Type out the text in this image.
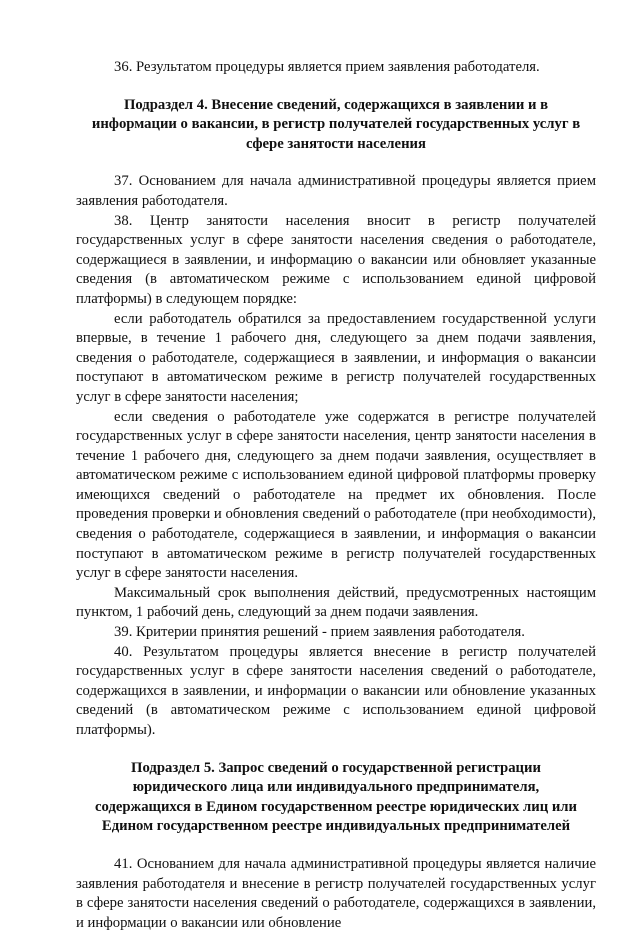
36. Результатом процедуры является прием заявления работодателя.

Подраздел 4. Внесение сведений, содержащихся в заявлении и в информации о вакансии, в регистр получателей государственных услуг в сфере занятости населения

37. Основанием для начала административной процедуры является прием заявления работодателя.

38. Центр занятости населения вносит в регистр получателей государственных услуг в сфере занятости населения сведения о работодателе, содержащиеся в заявлении, и информацию о вакансии или обновляет указанные сведения (в автоматическом режиме с использованием единой цифровой платформы) в следующем порядке:

если работодатель обратился за предоставлением государственной услуги впервые, в течение 1 рабочего дня, следующего за днем подачи заявления, сведения о работодателе, содержащиеся в заявлении, и информация о вакансии поступают в автоматическом режиме в регистр получателей государственных услуг в сфере занятости населения;

если сведения о работодателе уже содержатся в регистре получателей государственных услуг в сфере занятости населения, центр занятости населения в течение 1 рабочего дня, следующего за днем подачи заявления, осуществляет в автоматическом режиме с использованием единой цифровой платформы проверку имеющихся сведений о работодателе на предмет их обновления. После проведения проверки и обновления сведений о работодателе (при необходимости), сведения о работодателе, содержащиеся в заявлении, и информация о вакансии поступают в автоматическом режиме в регистр получателей государственных услуг в сфере занятости населения.

Максимальный срок выполнения действий, предусмотренных настоящим пунктом, 1 рабочий день, следующий за днем подачи заявления.

39. Критерии принятия решений - прием заявления работодателя.

40. Результатом процедуры является внесение в регистр получателей государственных услуг в сфере занятости населения сведений о работодателе, содержащихся в заявлении, и информации о вакансии или обновление указанных сведений (в автоматическом режиме с использованием единой цифровой платформы).

Подраздел 5. Запрос сведений о государственной регистрации юридического лица или индивидуального предпринимателя, содержащихся в Едином государственном реестре юридических лиц или Едином государственном реестре индивидуальных предпринимателей

41. Основанием для начала административной процедуры является наличие заявления работодателя и внесение в регистр получателей государственных услуг в сфере занятости населения сведений о работодателе, содержащихся в заявлении, и информации о вакансии или обновление
